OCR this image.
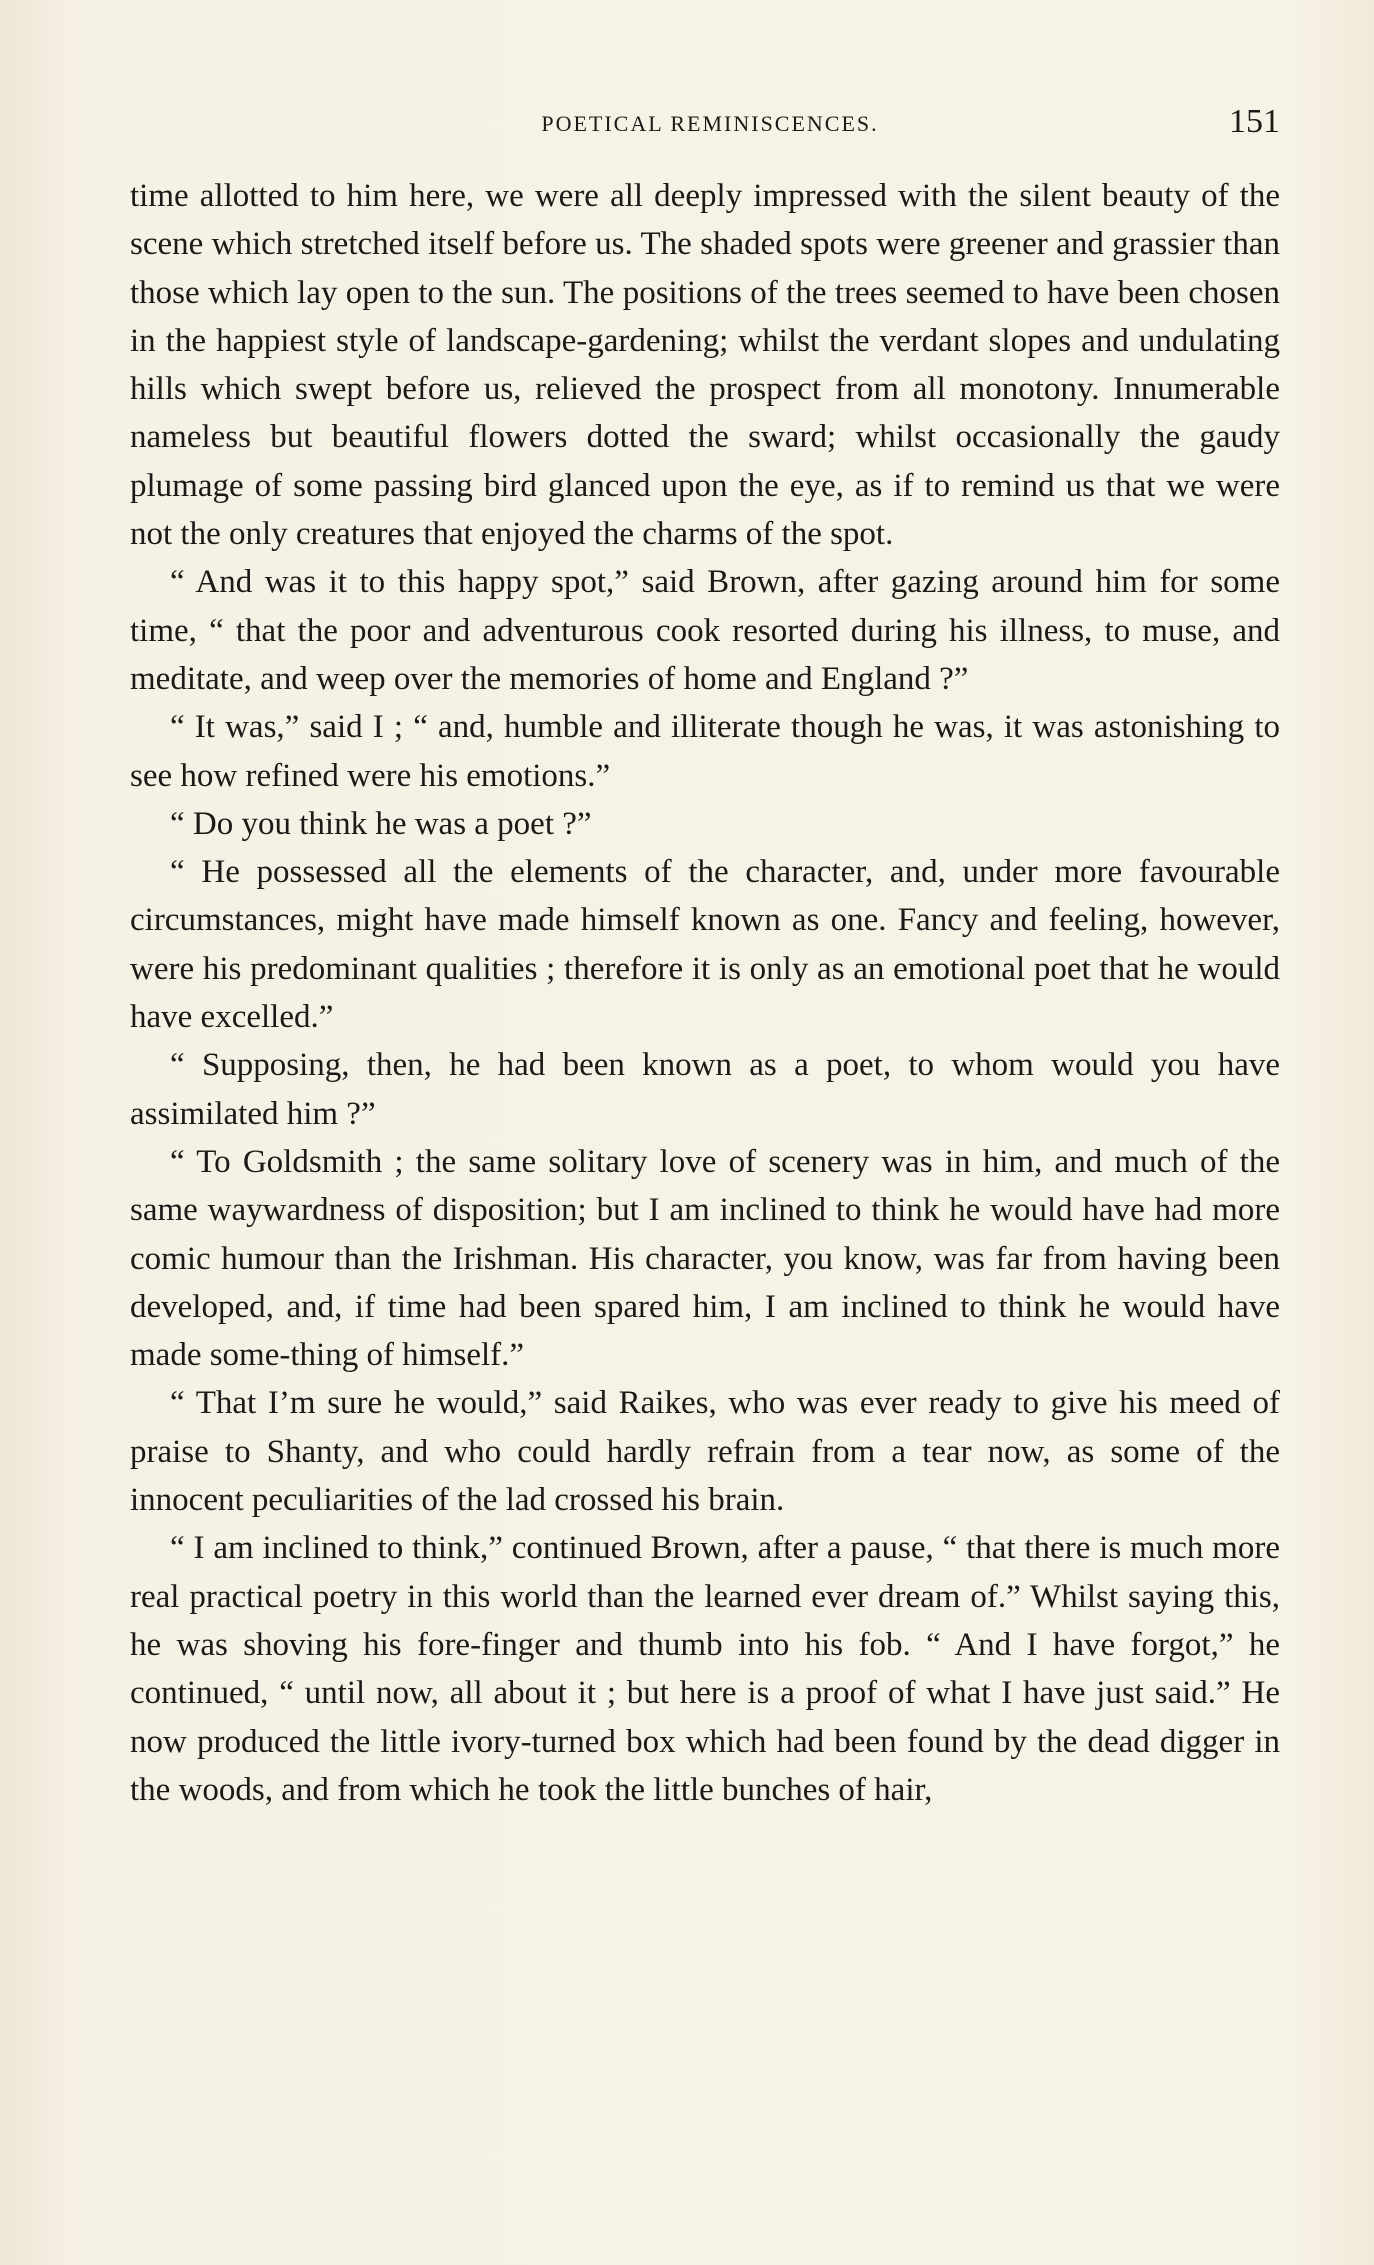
POETICAL REMINISCENCES.	151

time allotted to him here, we were all deeply impressed with the silent beauty of the scene which stretched itself before us. The shaded spots were greener and grassier than those which lay open to the sun. The positions of the trees seemed to have been chosen in the happiest style of landscape-gardening; whilst the verdant slopes and undulating hills which swept before us, relieved the prospect from all monotony. Innumerable nameless but beautiful flowers dotted the sward; whilst occasionally the gaudy plumage of some passing bird glanced upon the eye, as if to remind us that we were not the only creatures that enjoyed the charms of the spot.

“ And was it to this happy spot,” said Brown, after gazing around him for some time, “ that the poor and adventurous cook resorted during his illness, to muse, and meditate, and weep over the memories of home and England ?”

“ It was,” said I ; “ and, humble and illiterate though he was, it was astonishing to see how refined were his emotions.”

“ Do you think he was a poet ?”

“ He possessed all the elements of the character, and, under more favourable circumstances, might have made himself known as one. Fancy and feeling, however, were his predominant qualities ; therefore it is only as an emotional poet that he would have excelled.”

“ Supposing, then, he had been known as a poet, to whom would you have assimilated him ?”

“ To Goldsmith ; the same solitary love of scenery was in him, and much of the same waywardness of disposition; but I am inclined to think he would have had more comic humour than the Irishman. His character, you know, was far from having been developed, and, if time had been spared him, I am inclined to think he would have made some-thing of himself.”

“ That I’m sure he would,” said Raikes, who was ever ready to give his meed of praise to Shanty, and who could hardly refrain from a tear now, as some of the innocent peculiarities of the lad crossed his brain.

“ I am inclined to think,” continued Brown, after a pause, “ that there is much more real practical poetry in this world than the learned ever dream of.” Whilst saying this, he was shoving his fore-finger and thumb into his fob. “ And I have forgot,” he continued, “ until now, all about it ; but here is a proof of what I have just said.” He now produced the little ivory-turned box which had been found by the dead digger in the woods, and from which he took the little bunches of hair,
